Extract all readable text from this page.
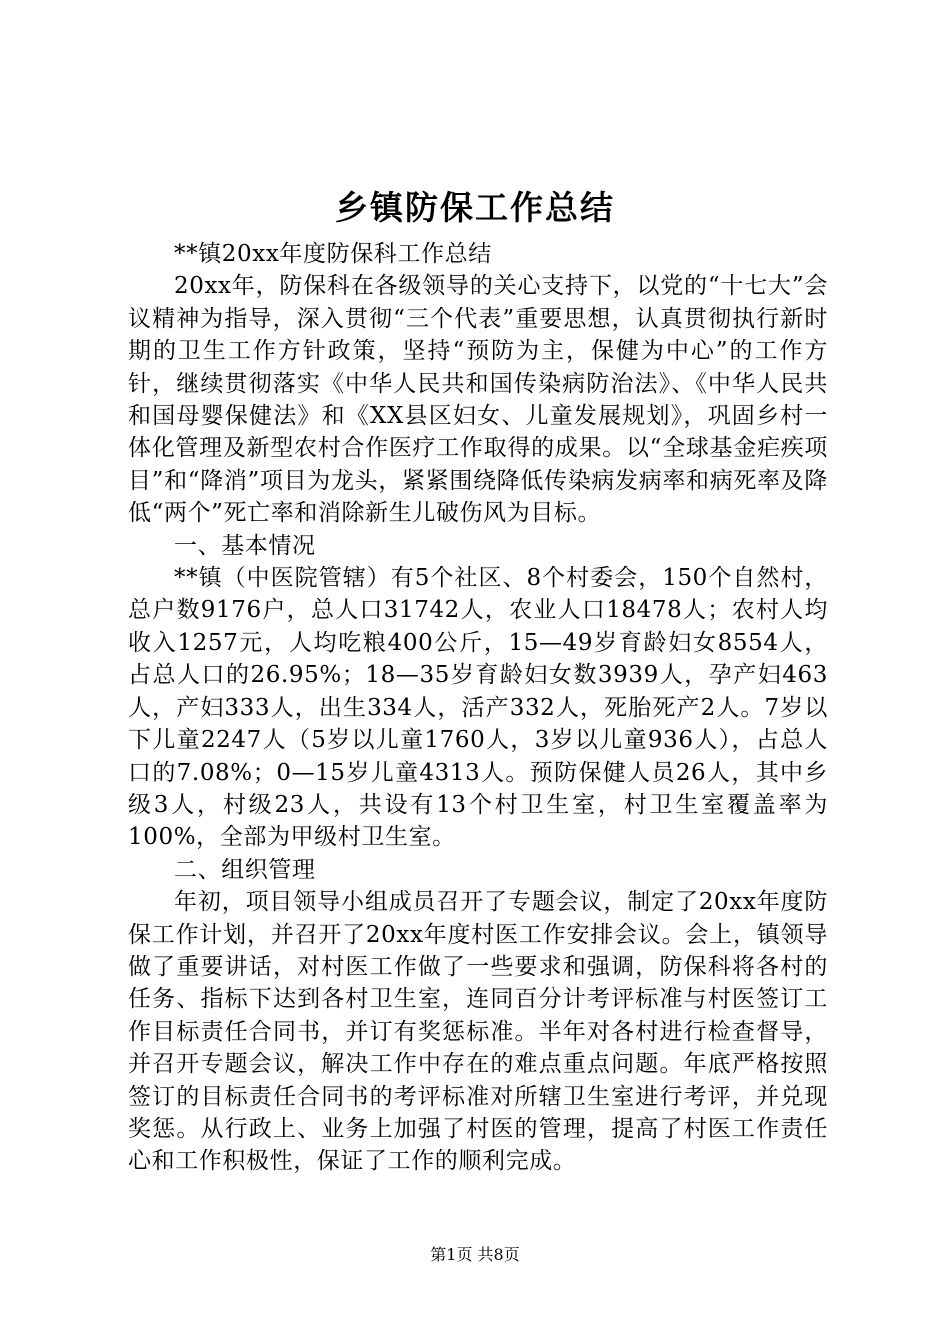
乡镇防保工作总结

**镇20xx年度防保科工作总结

20xx年，防保科在各级领导的关心支持下，以党的“十七大”会议精神为指导，深入贯彻“三个代表”重要思想，认真贯彻执行新时期的卫生工作方针政策，坚持“预防为主，保健为中心”的工作方针，继续贯彻落实《中华人民共和国传染病防治法》、《中华人民共和国母婴保健法》和《XX县区妇女、儿童发展规划》，巩固乡村一体化管理及新型农村合作医疗工作取得的成果。以“全球基金疟疾项目”和“降消”项目为龙头，紧紧围绕降低传染病发病率和病死率及降低“两个”死亡率和消除新生儿破伤风为目标。

一、基本情况

**镇（中医院管辖）有5个社区、8个村委会，150个自然村，总户数9176户，总人口31742人，农业人口18478人；农村人均收入1257元，人均吃粮400公斤，15—49岁育龄妇女8554人，占总人口的26.95%；18—35岁育龄妇女数3939人，孕产妇463人，产妇333人，出生334人，活产332人，死胎死产2人。7岁以下儿童2247人（5岁以儿童1760人，3岁以儿童936人），占总人口的7.08%；0—15岁儿童4313人。预防保健人员26人，其中乡级3人，村级23人，共设有13个村卫生室，村卫生室覆盖率为100%，全部为甲级村卫生室。

二、组织管理

年初，项目领导小组成员召开了专题会议，制定了20xx年度防保工作计划，并召开了20xx年度村医工作安排会议。会上，镇领导做了重要讲话，对村医工作做了一些要求和强调，防保科将各村的任务、指标下达到各村卫生室，连同百分计考评标准与村医签订工作目标责任合同书，并订有奖惩标准。半年对各村进行检查督导，并召开专题会议，解决工作中存在的难点重点问题。年底严格按照签订的目标责任合同书的考评标准对所辖卫生室进行考评，并兑现奖惩。从行政上、业务上加强了村医的管理，提高了村医工作责任心和工作积极性，保证了工作的顺利完成。

第1页 共8页
